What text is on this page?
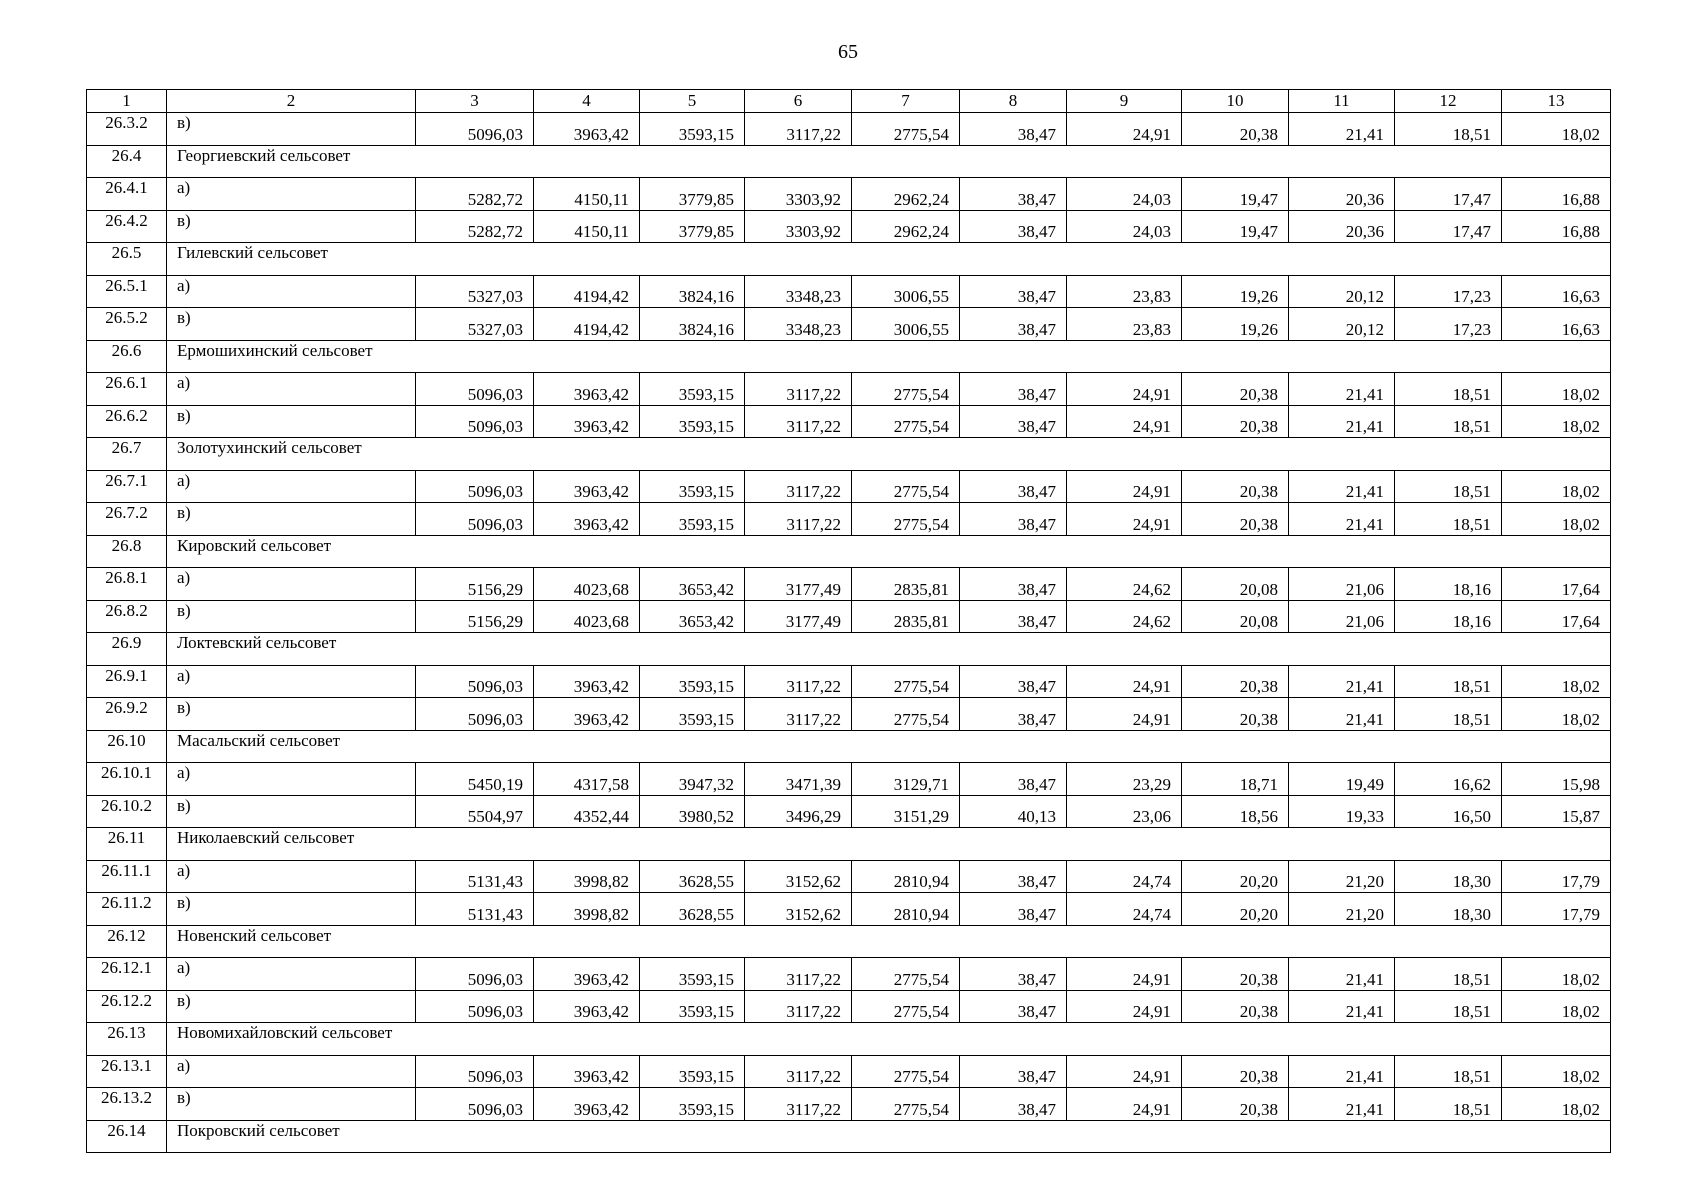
65
1	2	3	4	5	6	7	8	9	10	11	12	13
26.3.2	в)	5096,03	3963,42	3593,15	3117,22	2775,54	38,47	24,91	20,38	21,41	18,51	18,02
26.4	Георгиевский сельсовет											
26.4.1	а)	5282,72	4150,11	3779,85	3303,92	2962,24	38,47	24,03	19,47	20,36	17,47	16,88
26.4.2	в)	5282,72	4150,11	3779,85	3303,92	2962,24	38,47	24,03	19,47	20,36	17,47	16,88
26.5	Гилевский сельсовет											
26.5.1	а)	5327,03	4194,42	3824,16	3348,23	3006,55	38,47	23,83	19,26	20,12	17,23	16,63
26.5.2	в)	5327,03	4194,42	3824,16	3348,23	3006,55	38,47	23,83	19,26	20,12	17,23	16,63
26.6	Ермошихинский сельсовет											
26.6.1	а)	5096,03	3963,42	3593,15	3117,22	2775,54	38,47	24,91	20,38	21,41	18,51	18,02
26.6.2	в)	5096,03	3963,42	3593,15	3117,22	2775,54	38,47	24,91	20,38	21,41	18,51	18,02
26.7	Золотухинский сельсовет											
26.7.1	а)	5096,03	3963,42	3593,15	3117,22	2775,54	38,47	24,91	20,38	21,41	18,51	18,02
26.7.2	в)	5096,03	3963,42	3593,15	3117,22	2775,54	38,47	24,91	20,38	21,41	18,51	18,02
26.8	Кировский сельсовет											
26.8.1	а)	5156,29	4023,68	3653,42	3177,49	2835,81	38,47	24,62	20,08	21,06	18,16	17,64
26.8.2	в)	5156,29	4023,68	3653,42	3177,49	2835,81	38,47	24,62	20,08	21,06	18,16	17,64
26.9	Локтевский сельсовет											
26.9.1	а)	5096,03	3963,42	3593,15	3117,22	2775,54	38,47	24,91	20,38	21,41	18,51	18,02
26.9.2	в)	5096,03	3963,42	3593,15	3117,22	2775,54	38,47	24,91	20,38	21,41	18,51	18,02
26.10	Масальский сельсовет											
26.10.1	а)	5450,19	4317,58	3947,32	3471,39	3129,71	38,47	23,29	18,71	19,49	16,62	15,98
26.10.2	в)	5504,97	4352,44	3980,52	3496,29	3151,29	40,13	23,06	18,56	19,33	16,50	15,87
26.11	Николаевский сельсовет											
26.11.1	а)	5131,43	3998,82	3628,55	3152,62	2810,94	38,47	24,74	20,20	21,20	18,30	17,79
26.11.2	в)	5131,43	3998,82	3628,55	3152,62	2810,94	38,47	24,74	20,20	21,20	18,30	17,79
26.12	Новенский сельсовет											
26.12.1	а)	5096,03	3963,42	3593,15	3117,22	2775,54	38,47	24,91	20,38	21,41	18,51	18,02
26.12.2	в)	5096,03	3963,42	3593,15	3117,22	2775,54	38,47	24,91	20,38	21,41	18,51	18,02
26.13	Новомихайловский сельсовет											
26.13.1	а)	5096,03	3963,42	3593,15	3117,22	2775,54	38,47	24,91	20,38	21,41	18,51	18,02
26.13.2	в)	5096,03	3963,42	3593,15	3117,22	2775,54	38,47	24,91	20,38	21,41	18,51	18,02
26.14	Покровский сельсовет											
